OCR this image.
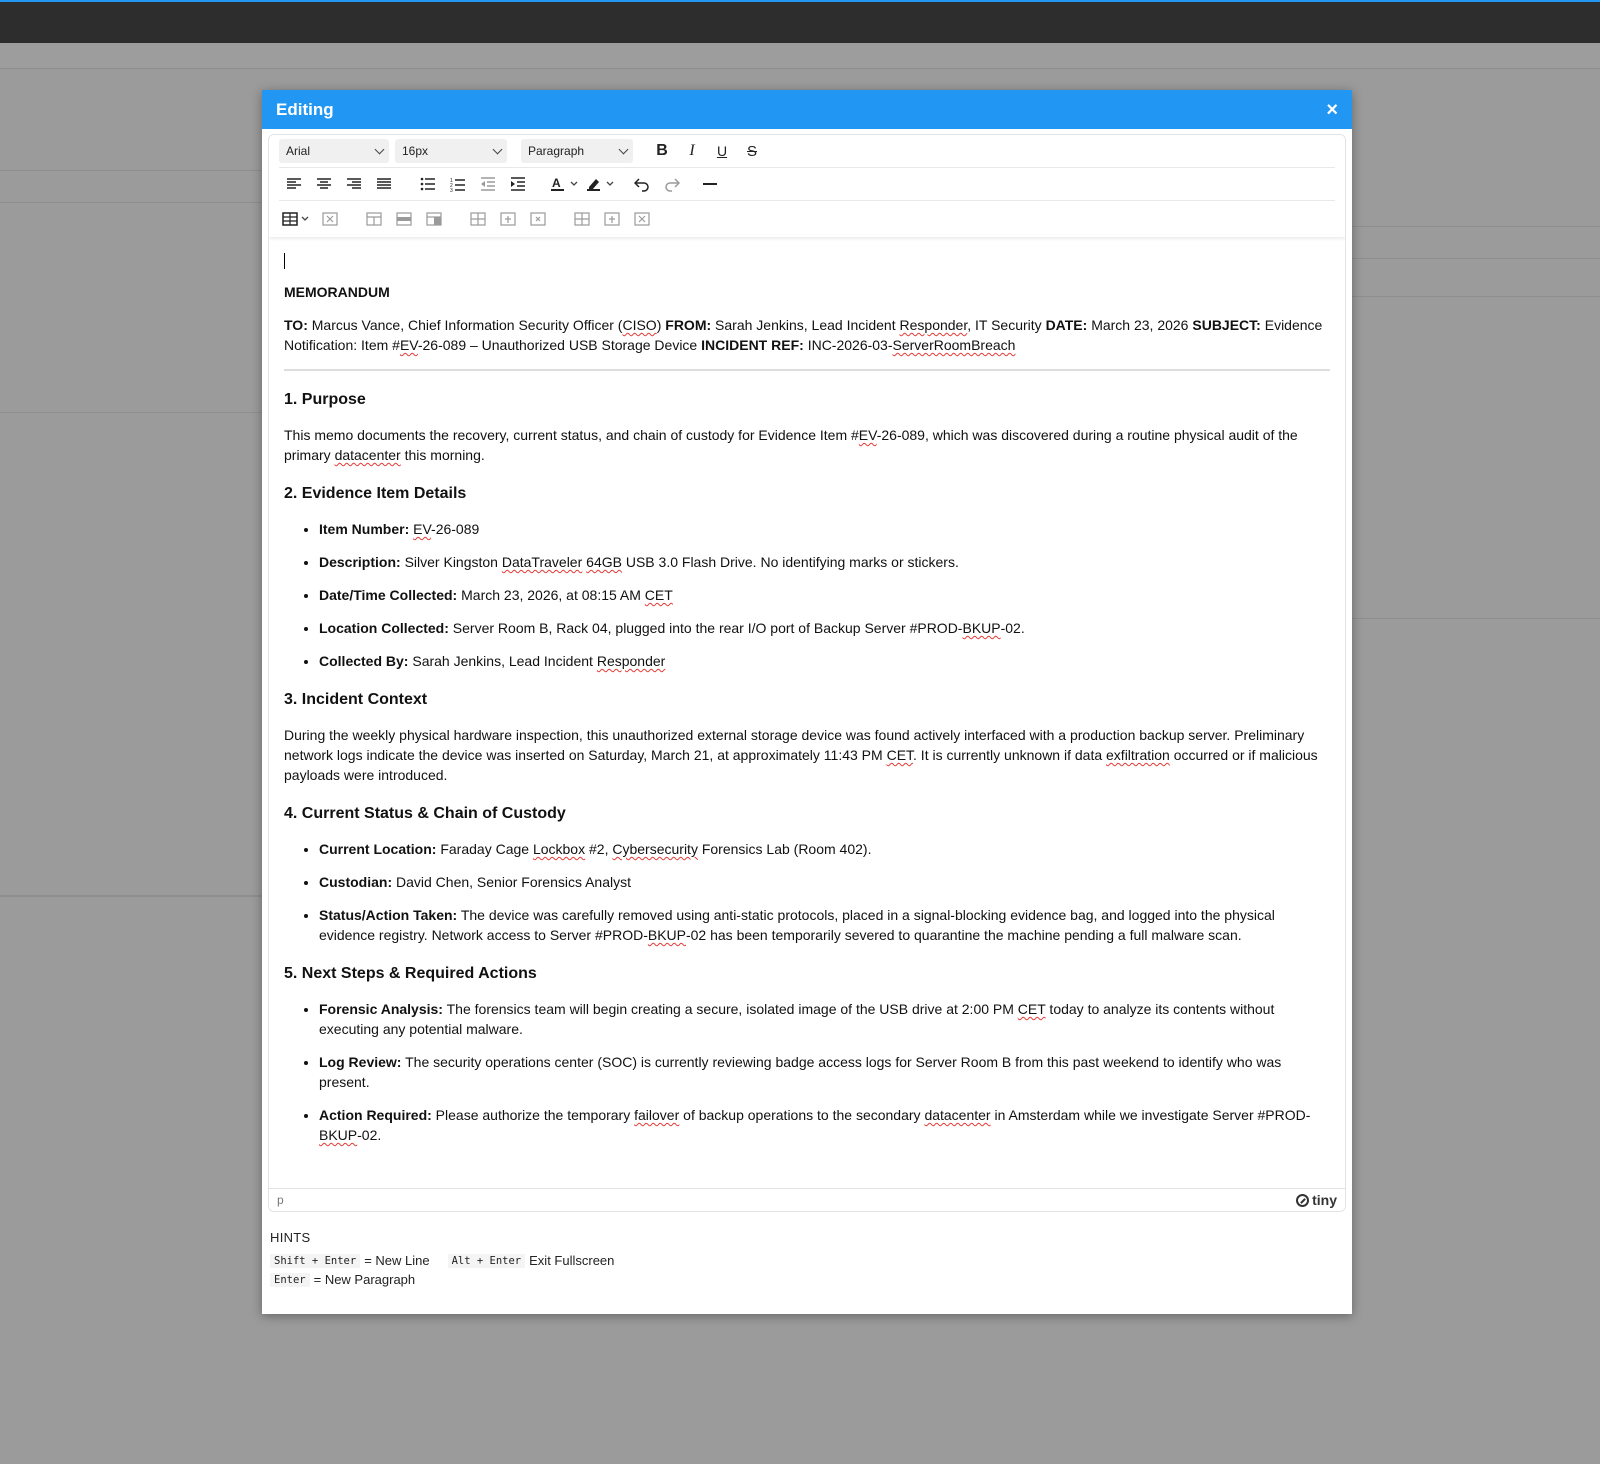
Editing	×
Arial	16px	Paragraph	B	I	U	S
1
2
3
A

MEMORANDUM

TO: Marcus Vance, Chief Information Security Officer (CISO) FROM: Sarah Jenkins, Lead Incident Responder, IT Security DATE: March 23, 2026 SUBJECT: Evidence Notification: Item #EV-26-089 – Unauthorized USB Storage Device INCIDENT REF: INC-2026-03-ServerRoomBreach

1. Purpose

This memo documents the recovery, current status, and chain of custody for Evidence Item #EV-26-089, which was discovered during a routine physical audit of the primary datacenter this morning.

2. Evidence Item Details
• Item Number: EV-26-089
• Description: Silver Kingston DataTraveler 64GB USB 3.0 Flash Drive. No identifying marks or stickers.
• Date/Time Collected: March 23, 2026, at 08:15 AM CET
• Location Collected: Server Room B, Rack 04, plugged into the rear I/O port of Backup Server #PROD-BKUP-02.
• Collected By: Sarah Jenkins, Lead Incident Responder
3. Incident Context

During the weekly physical hardware inspection, this unauthorized external storage device was found actively interfaced with a production backup server. Preliminary network logs indicate the device was inserted on Saturday, March 21, at approximately 11:43 PM CET. It is currently unknown if data exfiltration occurred or if malicious payloads were introduced.

4. Current Status & Chain of Custody
• Current Location: Faraday Cage Lockbox #2, Cybersecurity Forensics Lab (Room 402).
• Custodian: David Chen, Senior Forensics Analyst
• Status/Action Taken: The device was carefully removed using anti-static protocols, placed in a signal-blocking evidence bag, and logged into the physical evidence registry. Network access to Server #PROD-BKUP-02 has been temporarily severed to quarantine the machine pending a full malware scan.
5. Next Steps & Required Actions
• Forensic Analysis: The forensics team will begin creating a secure, isolated image of the USB drive at 2:00 PM CET today to analyze its contents without executing any potential malware.
• Log Review: The security operations center (SOC) is currently reviewing badge access logs for Server Room B from this past weekend to identify who was present.
• Action Required: Please authorize the temporary failover of backup operations to the secondary datacenter in Amsterdam while we investigate Server #PROD-BKUP-02.
p	tiny
HINTS
Shift + Enter = New Line	Alt + Enter Exit Fullscreen
Enter = New Paragraph
